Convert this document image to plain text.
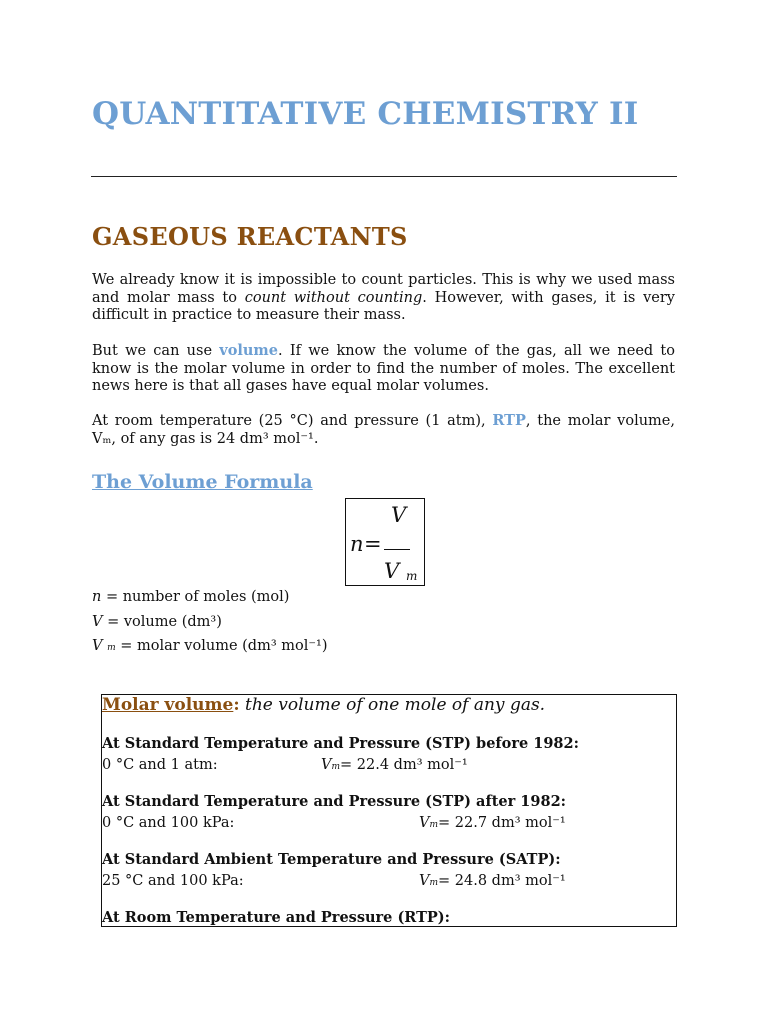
QUANTITATIVE CHEMISTRY II
GASEOUS REACTANTS
We already know it is impossible to count particles. This is why we used mass and molar mass to count without counting. However, with gases, it is very difficult in practice to measure their mass.
But we can use volume. If we know the volume of the gas, all we need to know is the molar volume in order to find the number of moles. The excellent news here is that all gases have equal molar volumes.
At room temperature (25 °C) and pressure (1 atm), RTP, the molar volume, Vₘ, of any gas is 24 dm³ mol⁻¹.
The Volume Formula
n =
V
V m
n = number of moles (mol)
V = volume (dm³)
V m = molar volume (dm³ mol⁻¹)
Molar volume: the volume of one mole of any gas.
At Standard Temperature and Pressure (STP) before 1982:
0 °C and 1 atm:	Vm= 22.4 dm³ mol⁻¹
At Standard Temperature and Pressure (STP) after 1982:
0 °C and 100 kPa:	Vm= 22.7 dm³ mol⁻¹
At Standard Ambient Temperature and Pressure (SATP):
25 °C and 100 kPa:	Vm= 24.8 dm³ mol⁻¹
At Room Temperature and Pressure (RTP):
